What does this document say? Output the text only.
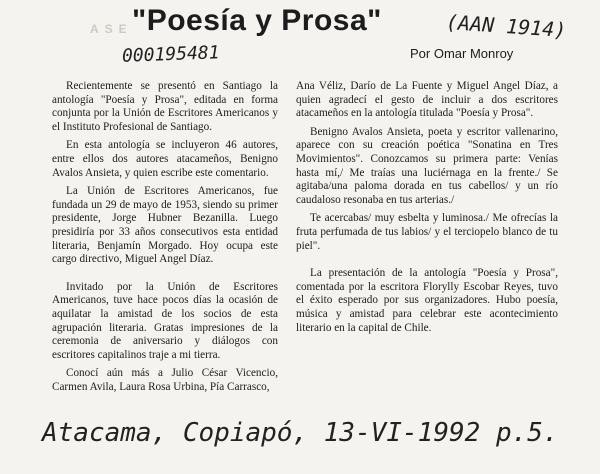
ASE "Poesía y Prosa"	(AAN 1914)
000195481	Por Omar Monroy

Recientemente se presentó en Santiago la antología "Poesía y Prosa", editada en forma conjunta por la Unión de Escritores Americanos y el Instituto Profesional de Santiago.

En esta antología se incluyeron 46 autores, entre ellos dos autores atacameños, Benigno Avalos Ansieta, y quien escribe este comentario.

La Unión de Escritores Americanos, fue fundada un 29 de mayo de 1953, siendo su primer presidente, Jorge Hubner Bezanilla. Luego presidiría por 33 años consecutivos esta entidad literaria, Benjamín Morgado. Hoy ocupa este cargo directivo, Miguel Angel Díaz.

Invitado por la Unión de Escritores Americanos, tuve hace pocos días la ocasión de aquilatar la amistad de los socios de esta agrupación literaria. Gratas impresiones de la ceremonia de aniversario y diálogos con escritores capitalinos traje a mi tierra.

Conocí aún más a Julio César Vicencio, Carmen Avila, Laura Rosa Urbina, Pía Carrasco,

Ana Véliz, Darío de La Fuente y Miguel Angel Díaz, a quien agradecí el gesto de incluir a dos escritores atacameños en la antología titulada "Poesía y Prosa".

Benigno Avalos Ansieta, poeta y escritor vallenarino, aparece con su creación poética "Sonatina en Tres Movimientos". Conozcamos su primera parte: Venías hasta mí,/ Me traías una luciérnaga en la frente./ Se agitaba/una paloma dorada en tus cabellos/ y un río caudaloso resonaba en tus arterias./

Te acercabas/ muy esbelta y luminosa./ Me ofrecías la fruta perfumada de tus labios/ y el terciopelo blanco de tu piel".

La presentación de la antología "Poesía y Prosa", comentada por la escritora Florylly Escobar Reyes, tuvo el éxito esperado por sus organizadores. Hubo poesía, música y amistad para celebrar este acontecimiento literario en la capital de Chile.

Atacama, Copiapó, 13-VI-1992 p.5.
